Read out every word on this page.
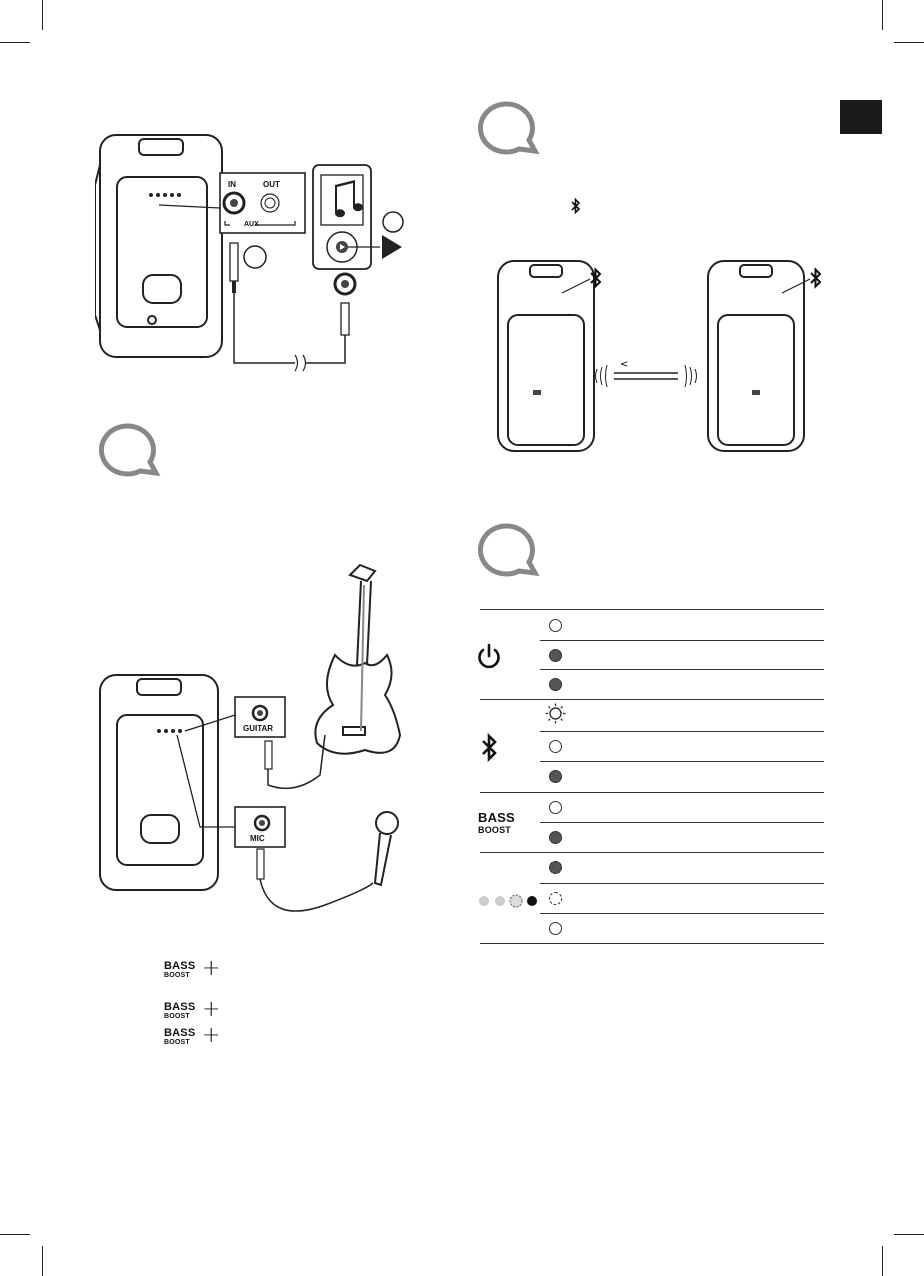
IN	OUT
AUX
<
GUITAR
MIC
BASS
BOOST +
BASS
BOOST +
BASS
BOOST +
BASS
BOOST
